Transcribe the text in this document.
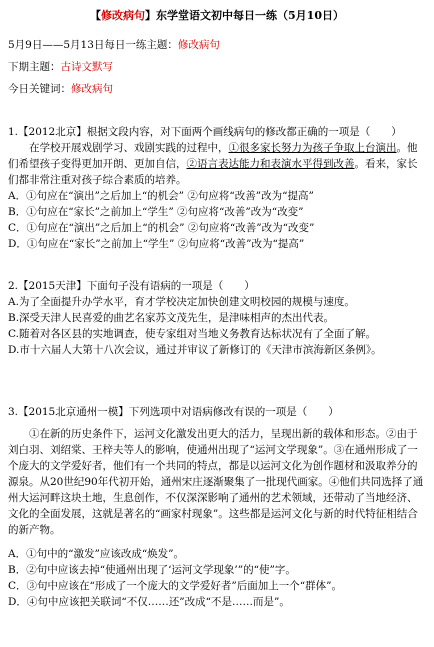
【修改病句】东学堂语文初中每日一练（5月10日）
5月9日——5月13日每日一练主题：修改病句
下期主题：古诗文默写
今日关键词：修改病句

1.【2012北京】根据文段内容，对下面两个画线病句的修改都正确的一项是（　　）

在学校开展戏剧学习、戏剧实践的过程中，①很多家长努力为孩子争取上台演出。他们希望孩子变得更加开朗、更加自信，②语言表达能力和表演水平得到改善。看来，家长们都非常注重对孩子综合素质的培养。

A．①句应在“演出”之后加上“的机会” ②句应将“改善”改为“提高”
B．①句应在“家长”之前加上“学生” ②句应将“改善”改为“改变”
C．①句应在“演出”之后加上“的机会” ②句应将“改善”改为“改变”
D．①句应在“家长”之前加上“学生” ②句应将“改善”改为“提高”

2.【2015天津】下面句子没有语病的一项是（　　）

A.为了全面提升办学水平，育才学校决定加快创建文明校园的规模与速度。

B.深受天津人民喜爱的曲艺名家苏文茂先生，是津味相声的杰出代表。

C.随着对各区县的实地调查，使专家组对当地义务教育达标状况有了全面了解。

D.市十六届人大第十八次会议，通过并审议了新修订的《天津市滨海新区条例》。

3.【2015北京通州一模】下列选项中对语病修改有误的一项是（　　）

①在新的历史条件下，运河文化激发出更大的活力，呈现出新的载体和形态。②由于刘白羽、刘绍棠、王梓夫等人的影响，使通州出现了“运河文学现象”。③在通州形成了一个庞大的文学爱好者，他们有一个共同的特点，都是以运河文化为创作题材和汲取养分的源泉。从20世纪90年代初开始，通州宋庄逐渐聚集了一批现代画家。④他们共同选择了通州大运河畔这块土地，生息创作，不仅深深影响了通州的艺术领域，还带动了当地经济、文化的全面发展，这就是著名的“画家村现象”。这些都是运河文化与新的时代特征相结合的新产物。

A．①句中的“激发”应该改成“焕发”。
B．②句中应该去掉“使通州出现了‘运河文学现象’”的“使”字。
C．③句中应该在“形成了一个庞大的文学爱好者”后面加上一个“群体”。
D．④句中应该把关联词“不仅……还”改成“不是……而是”。
